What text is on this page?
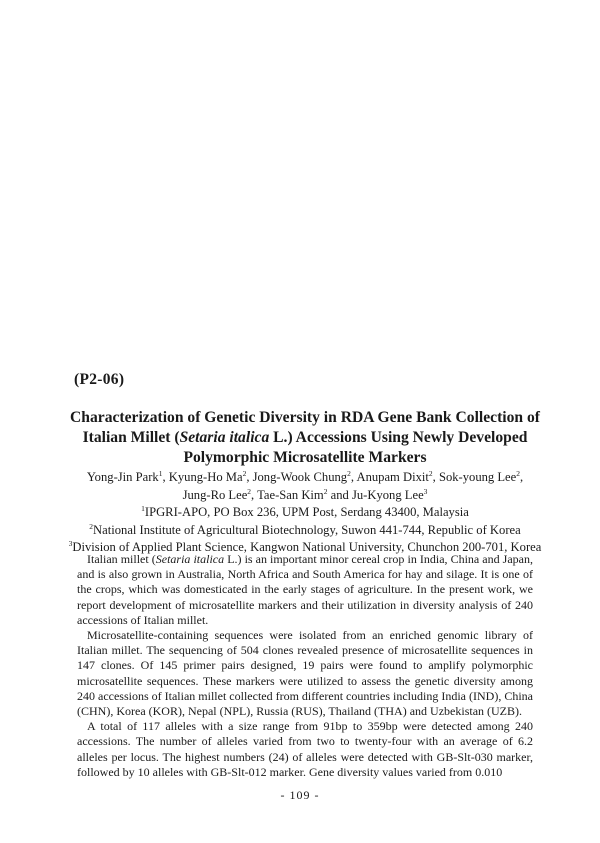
(P2-06)
Characterization of Genetic Diversity in RDA Gene Bank Collection of
Italian Millet (Setaria italica L.) Accessions Using Newly Developed
Polymorphic Microsatellite Markers
Yong-Jin Park$^1$, Kyung-Ho Ma$^2$, Jong-Wook Chung$^2$, Anupam Dixit$^2$, Sok-young Lee$^2$,
Jung-Ro Lee$^2$, Tae-San Kim$^2$ and Ju-Kyong Lee$^3$
$^1$IPGRI-APO, PO Box 236, UPM Post, Serdang 43400, Malaysia
$^2$National Institute of Agricultural Biotechnology, Suwon 441-744, Republic of Korea
$^3$Division of Applied Plant Science, Kangwon National University, Chunchon 200-701, Korea

Italian millet (Setaria italica L.) is an important minor cereal crop in India, China and Japan, and is also grown in Australia, North Africa and South America for hay and silage. It is one of the crops, which was domesticated in the early stages of agriculture. In the present work, we report development of microsatellite markers and their utilization in diversity analysis of 240 accessions of Italian millet.

Microsatellite-containing sequences were isolated from an enriched genomic library of Italian millet. The sequencing of 504 clones revealed presence of microsatellite sequences in 147 clones. Of 145 primer pairs designed, 19 pairs were found to amplify polymorphic microsatellite sequences. These markers were utilized to assess the genetic diversity among 240 accessions of Italian millet collected from different countries including India (IND), China (CHN), Korea (KOR), Nepal (NPL), Russia (RUS), Thailand (THA) and Uzbekistan (UZB).

A total of 117 alleles with a size range from 91bp to 359bp were detected among 240 accessions. The number of alleles varied from two to twenty-four with an average of 6.2 alleles per locus. The highest numbers (24) of alleles were detected with GB-Slt-030 marker, followed by 10 alleles with GB-Slt-012 marker. Gene diversity values varied from 0.010

- 109 -
